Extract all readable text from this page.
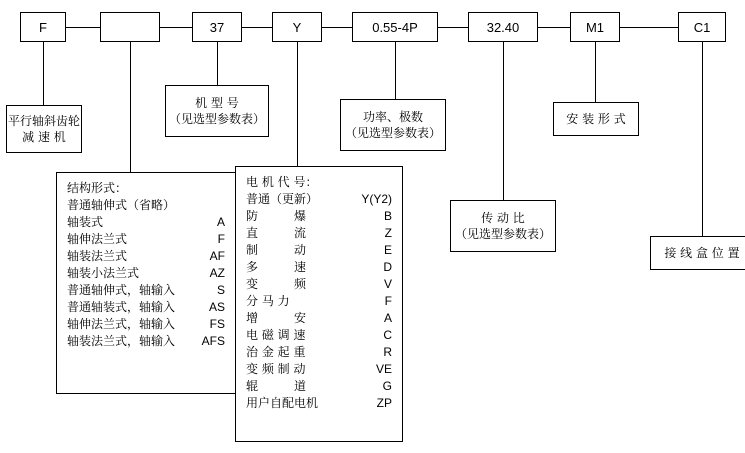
F	37	Y	0.55-4P	32.40	M1	C1
平行轴斜齿轮
减 速 机
机 型 号
（见选型参数表）	功率、极数
（见选型参数表）
安 装 形 式
传 动 比
（见选型参数表）
接 线 盒 位 置
结构形式：
普通轴伸式（省略）
轴装式	A
轴伸法兰式	F
轴装法兰式	AF
轴装小法兰式	AZ
普通轴伸式，轴输入	S
普通轴装式，轴输入	AS
轴伸法兰式，轴输入	FS
轴装法兰式，轴输入	AFS
电 机 代 号：
普通（更新）	Y(Y2)
防　　　爆	B
直　　　流	Z
制　　　动	E
多　　　速	D
变　　　频	V
分 马 力	F
增　　　安	A
电 磁 调 速	C
治 金 起 重	R
变 频 制 动	VE
辊　　　道	G
用户自配电机	ZP
